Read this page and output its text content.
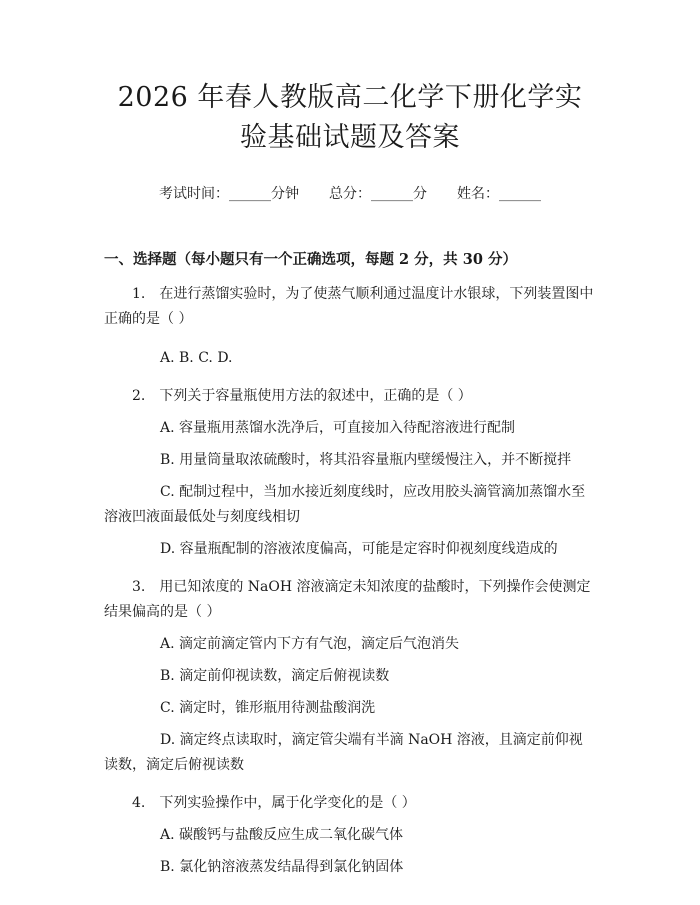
2026 年春人教版高二化学下册化学实验基础试题及答案
考试时间：______分钟 总分：______分 姓名：______
一、选择题（每小题只有一个正确选项，每题 2 分，共 30 分）
1. 在进行蒸馏实验时，为了使蒸气顺利通过温度计水银球，下列装置图中正确的是（ ）
A. B. C. D.
2. 下列关于容量瓶使用方法的叙述中，正确的是（ ）
A. 容量瓶用蒸馏水洗净后，可直接加入待配溶液进行配制
B. 用量筒量取浓硫酸时，将其沿容量瓶内壁缓慢注入，并不断搅拌
C. 配制过程中，当加水接近刻度线时，应改用胶头滴管滴加蒸馏水至溶液凹液面最低处与刻度线相切
D. 容量瓶配制的溶液浓度偏高，可能是定容时仰视刻度线造成的
3. 用已知浓度的 NaOH 溶液滴定未知浓度的盐酸时，下列操作会使测定结果偏高的是（ ）
A. 滴定前滴定管内下方有气泡，滴定后气泡消失
B. 滴定前仰视读数，滴定后俯视读数
C. 滴定时，锥形瓶用待测盐酸润洗
D. 滴定终点读取时，滴定管尖端有半滴 NaOH 溶液，且滴定前仰视读数，滴定后俯视读数
4. 下列实验操作中，属于化学变化的是（ ）
A. 碳酸钙与盐酸反应生成二氧化碳气体
B. 氯化钠溶液蒸发结晶得到氯化钠固体
